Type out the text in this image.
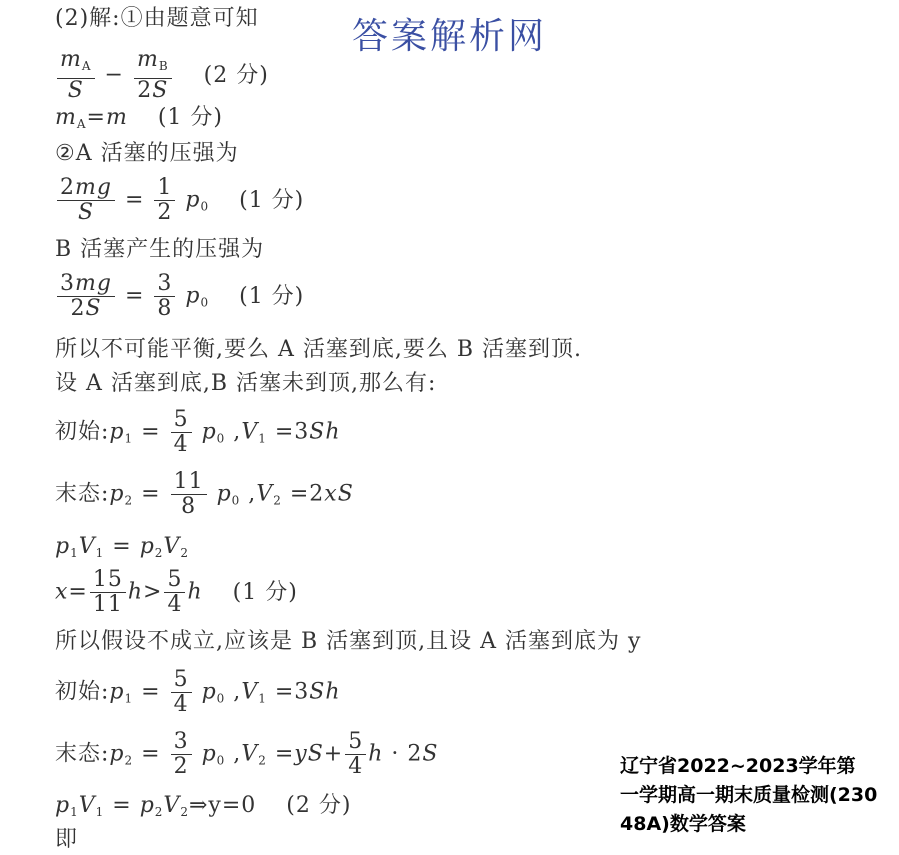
答案解析网
(2)解:①由题意可知
$\frac{m_A}{S} - \frac{m_B}{2S} (2$ 分)
$m_A=m$ (1 分)
②A 活塞的压强为
$\frac{2mg}{S} = \frac{1}{2} p_0$ (1 分)
B 活塞产生的压强为
$\frac{3mg}{2S} = \frac{3}{8} p_0$ (1 分)
所以不可能平衡,要么 A 活塞到底,要么 B 活塞到顶.
设 A 活塞到底,B 活塞未到顶,那么有:
初始$:p_1 = \frac{5}{4} p_0$ $,V_1 =3Sh$
末态$:p_2 = \frac{11}{8} p_0$ $,V_2 =2xS$
$p_1V_1 = p_2V_2$
$x= \frac{15}{11} h> \frac{5}{4}$ h (1 分)
所以假设不成立,应该是 B 活塞到顶,且设 A 活塞到底为 y
初始$:p_1 = \frac{5}{4} p_0$ $,V_1 =3Sh$
末态$:p_2 = \frac{3}{2} p_0$ $,V_2 =yS+ \frac{5}{4}$ h · 2S
$p_1V_1$ = $p_2V_2\Rightarrow y=0$ (2 分)
即
辽宁省2022~2023学年第
一学期高一期末质量检测(230
48A)数学答案
